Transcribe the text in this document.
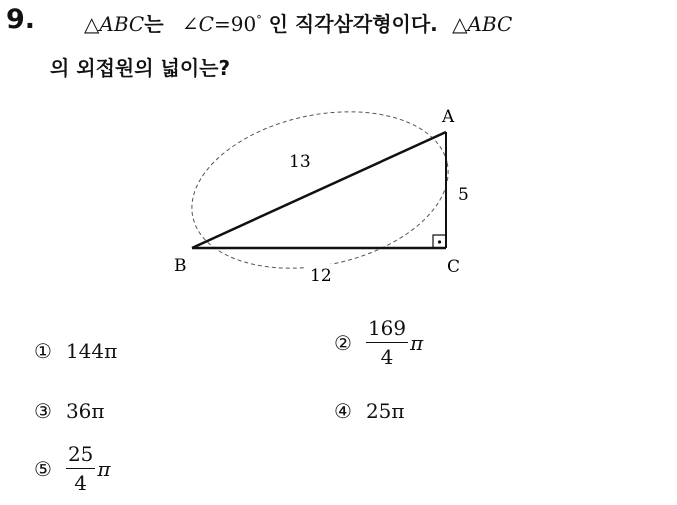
9. △ABC는 ∠C=90° 인 직각삼각형이다. △ABC
의 외접원의 넓이는?
A
B	C
13
5
12
① 144π	② $\frac{169}{4}$ π
③ 36π	④ 25π
⑤ $\frac{25}{4}$ π
